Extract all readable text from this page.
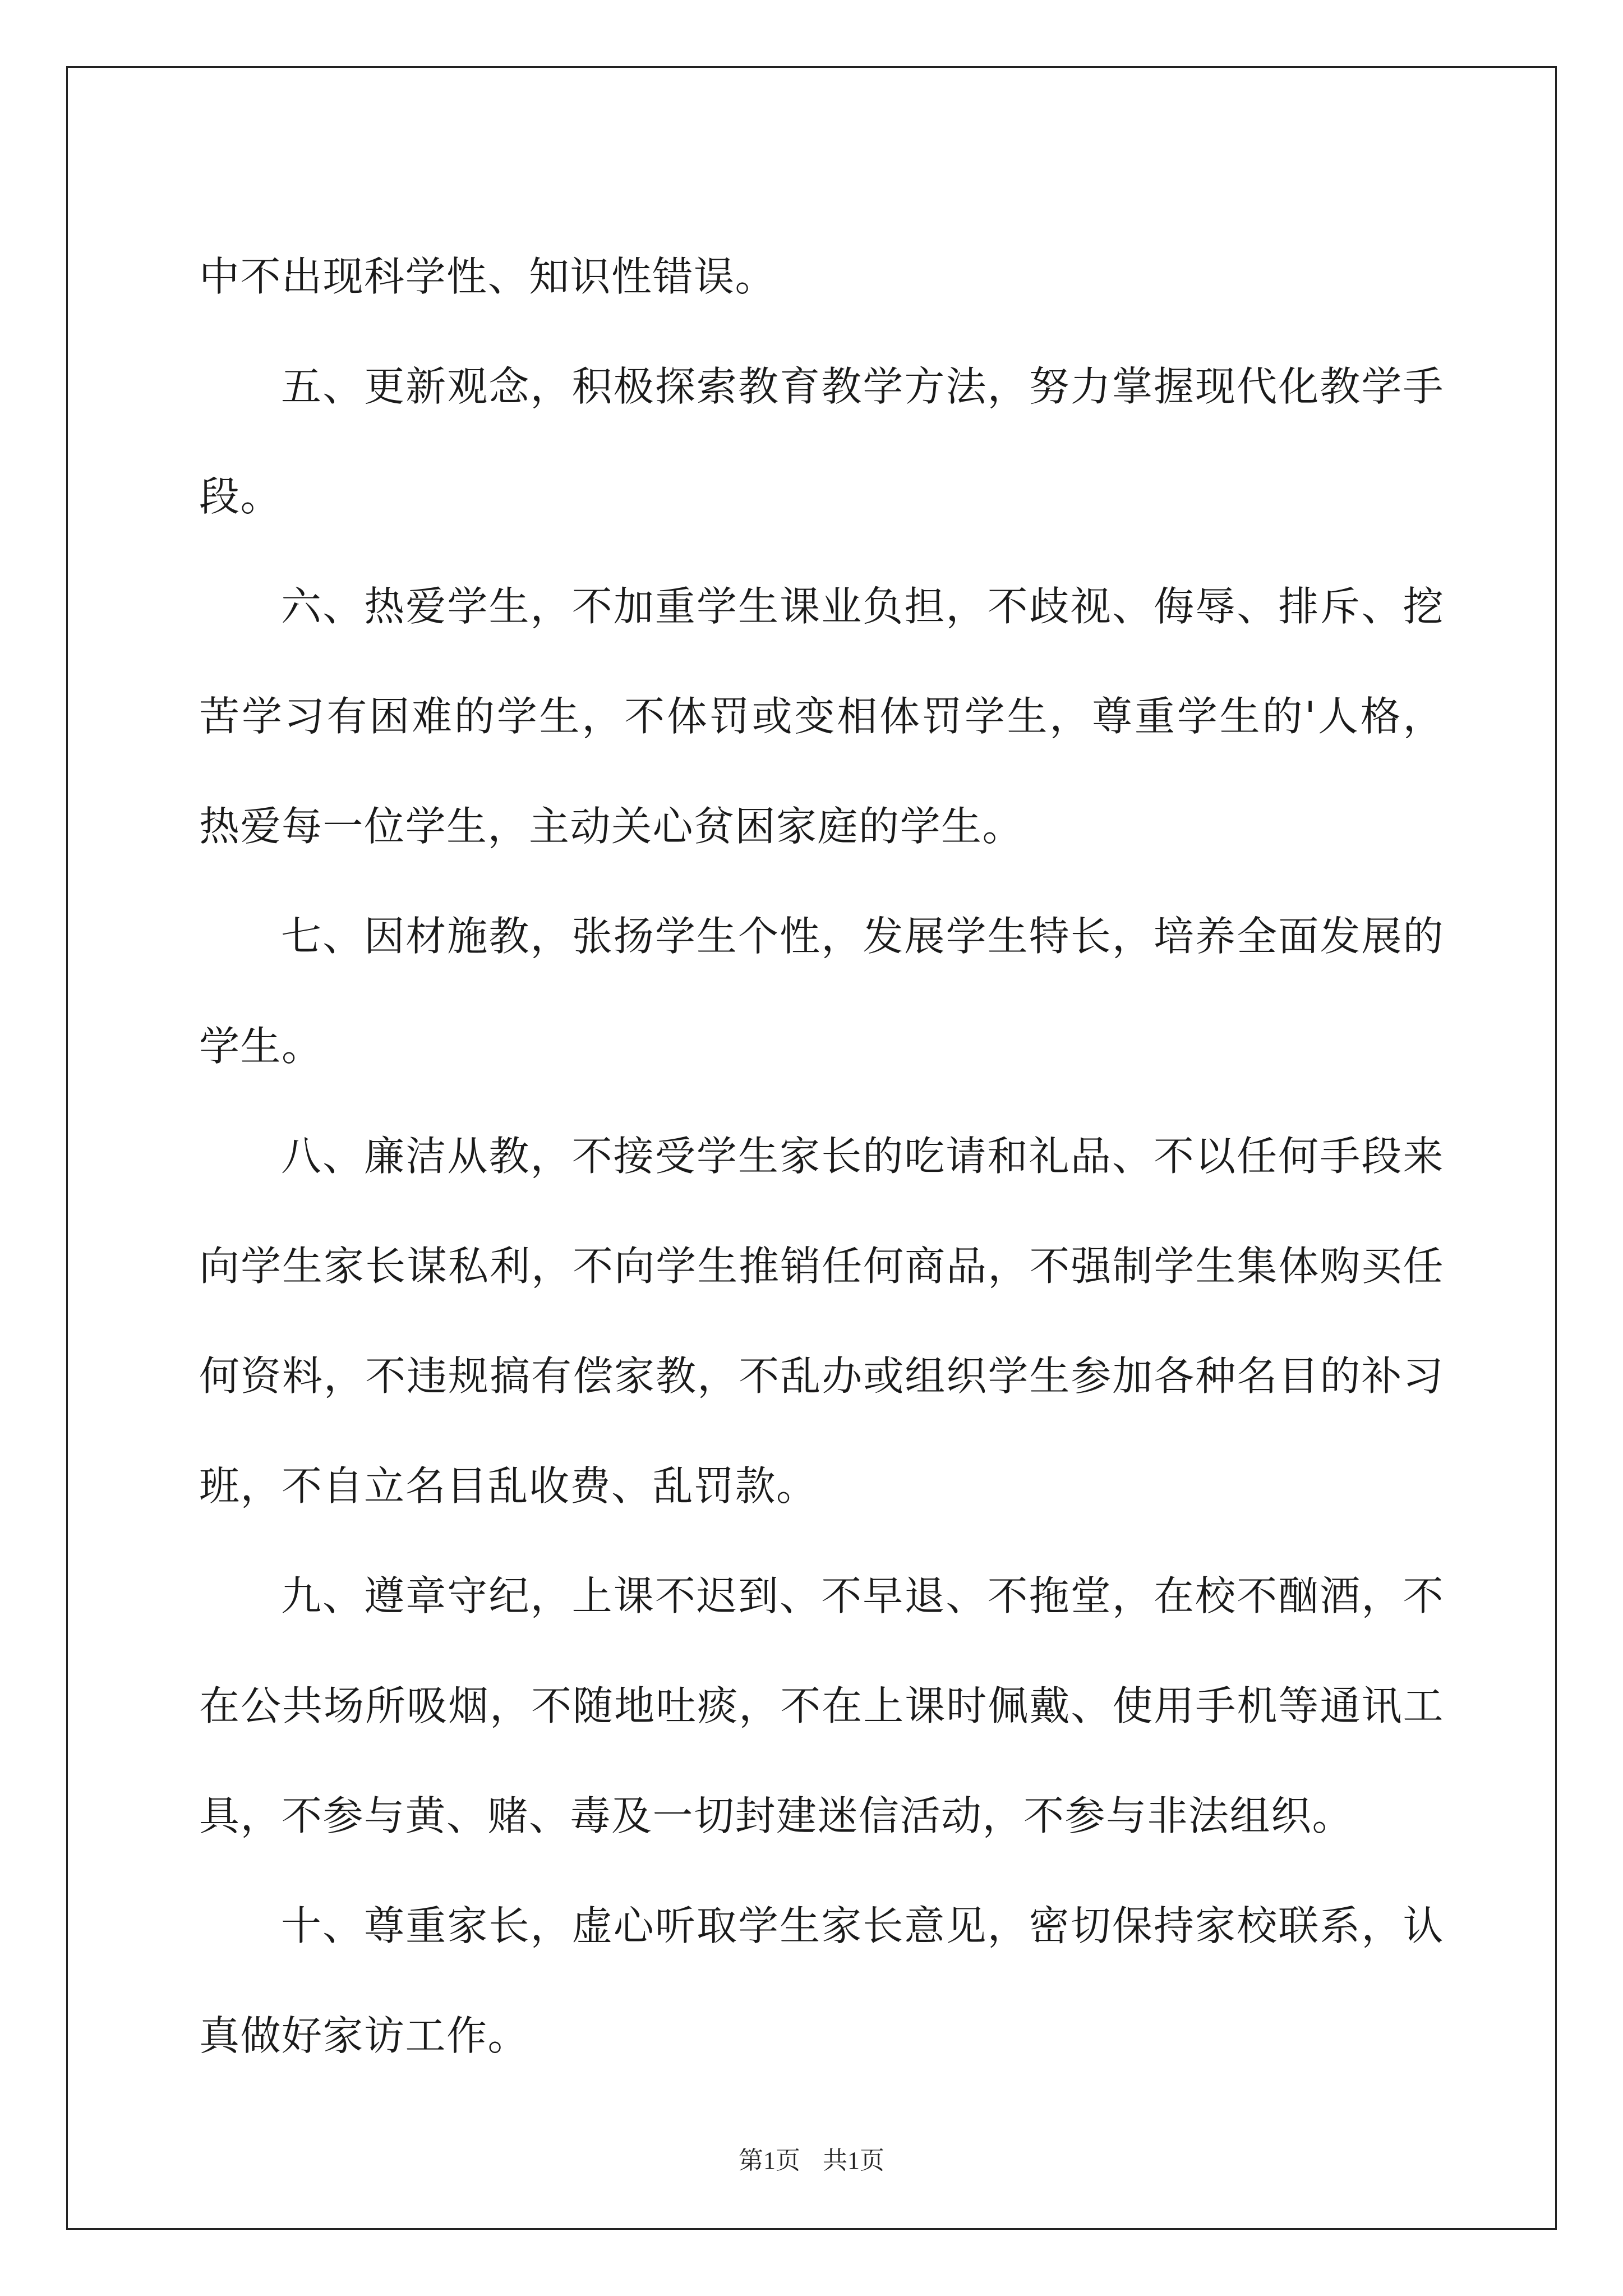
中不出现科学性、知识性错误。

五、更新观念，积极探索教育教学方法，努力掌握现代化教学手段。

六、热爱学生，不加重学生课业负担，不歧视、侮辱、排斥、挖苦学习有困难的学生，不体罚或变相体罚学生，尊重学生的'人格，热爱每一位学生，主动关心贫困家庭的学生。

七、因材施教，张扬学生个性，发展学生特长，培养全面发展的学生。

八、廉洁从教，不接受学生家长的吃请和礼品、不以任何手段来向学生家长谋私利，不向学生推销任何商品，不强制学生集体购买任何资料，不违规搞有偿家教，不乱办或组织学生参加各种名目的补习班，不自立名目乱收费、乱罚款。

九、遵章守纪，上课不迟到、不早退、不拖堂，在校不酗酒，不在公共场所吸烟，不随地吐痰，不在上课时佩戴、使用手机等通讯工具，不参与黄、赌、毒及一切封建迷信活动，不参与非法组织。

十、尊重家长，虚心听取学生家长意见，密切保持家校联系，认真做好家访工作。

第1页 共1页
